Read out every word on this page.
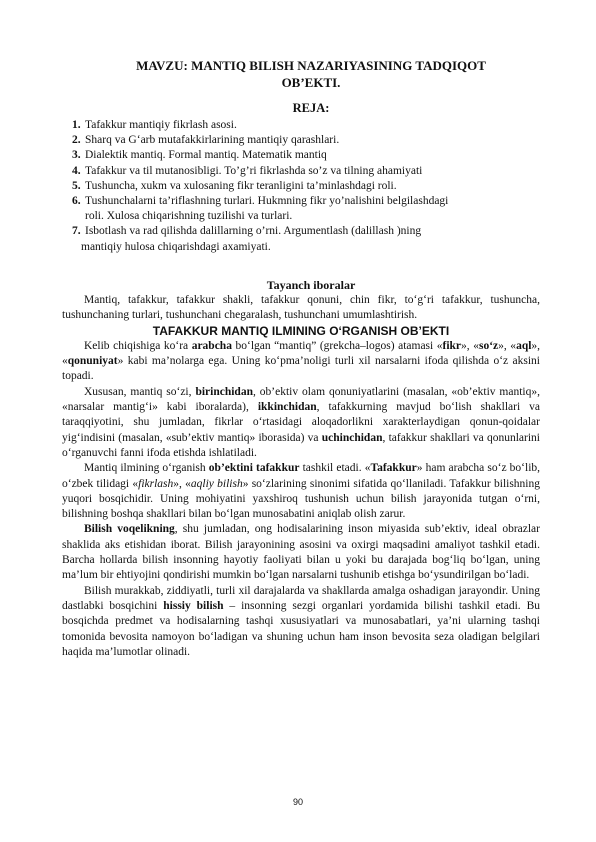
MAVZU: MANTIQ BILISH NAZARIYASINING TADQIQOT
OB’EKTI.
REJA:
1. Tafakkur mantiqiy fikrlash asosi.
2. Sharq va G‘arb mutafakkirlarining mantiqiy qarashlari.
3. Dialektik mantiq. Formal mantiq. Matematik mantiq
4. Tafakkur va til mutanosibligi. To’g’ri fikrlashda so’z va tilning ahamiyati
5. Tushuncha, xukm va xulosaning fikr teranligini ta’minlashdagi roli.
6. Tushunchalarni ta’riflashning turlari. Hukmning fikr yo’nalishini belgilashdagi
roli. Xulosa chiqarishning tuzilishi va turlari.
7. Isbotlash va rad qilishda dalillarning o’rni. Argumentlash (dalillash )ning
mantiqiy hulosa chiqarishdagi axamiyati.
Tayanch iboralar

Mantiq, tafakkur, tafakkur shakli, tafakkur qonuni, chin fikr, to‘g‘ri tafakkur, tushuncha, tushunchaning turlari, tushunchani chegaralash, tushunchani umumlashtirish.

TAFAKKUR MANTIQ ILMINING O‘RGANISH OB’EKTI

Kelib chiqishiga ko‘ra arabcha bo‘lgan “mantiq” (grekcha–logos) atamasi «fikr», «so‘z», «aql», «qonuniyat» kabi ma’nolarga ega. Uning ko‘pma’noligi turli xil narsalarni ifoda qilishda o‘z aksini topadi.

Xususan, mantiq so‘zi, birinchidan, ob’ektiv olam qonuniyatlarini (masalan, «ob’ektiv mantiq», «narsalar mantig‘i» kabi iboralarda), ikkinchidan, tafakkurning mavjud bo‘lish shakllari va taraqqiyotini, shu jumladan, fikrlar o‘rtasidagi aloqadorlikni xarakterlaydigan qonun-qoidalar yig‘indisini (masalan, «sub’ektiv mantiq» iborasida) va uchinchidan, tafakkur shakllari va qonunlarini o‘rganuvchi fanni ifoda etishda ishlatiladi.

Mantiq ilmining o‘rganish ob’ektini tafakkur tashkil etadi. «Tafakkur» ham arabcha so‘z bo‘lib, o‘zbek tilidagi «fikrlash», «aqliy bilish» so‘zlarining sinonimi sifatida qo‘llaniladi. Tafakkur bilishning yuqori bosqichidir. Uning mohiyatini yaxshiroq tushunish uchun bilish jarayonida tutgan o‘rni, bilishning boshqa shakllari bilan bo‘lgan munosabatini aniqlab olish zarur.

Bilish voqelikning, shu jumladan, ong hodisalarining inson miyasida sub’ektiv, ideal obrazlar shaklida aks etishidan iborat. Bilish jarayonining asosini va oxirgi maqsadini amaliyot tashkil etadi. Barcha hollarda bilish insonning hayotiy faoliyati bilan u yoki bu darajada bog‘liq bo‘lgan, uning ma’lum bir ehtiyojini qondirishi mumkin bo‘lgan narsalarni tushunib etishga bo‘ysundirilgan bo‘ladi.

Bilish murakkab, ziddiyatli, turli xil darajalarda va shakllarda amalga oshadigan jarayondir. Uning dastlabki bosqichini hissiy bilish – insonning sezgi organlari yordamida bilishi tashkil etadi. Bu bosqichda predmet va hodisalarning tashqi xususiyatlari va munosabatlari, ya’ni ularning tashqi tomonida bevosita namoyon bo‘ladigan va shuning uchun ham inson bevosita seza oladigan belgilari haqida ma’lumotlar olinadi.

90
